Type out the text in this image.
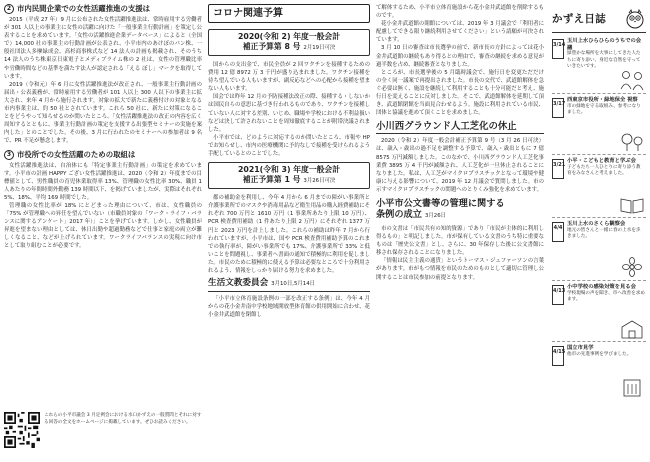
2 市内民間企業での女性活躍推進の支援は

2015（平成 27 年）9 月に公布された女性活躍推進法は、常時雇用する労働者が 301 人以上の事業主に女性の活躍に向けた「一般事業主行動計画」を策定し公表することを求めています。「女性の活躍推進企業データベース」によると（全国で）14,000 社の事業主の行動計画が公表され、小平市内のあけぼのパン株、一般社団法人多摩緑成会、高杉商事株式など 14 法人の計画も掲載され、そのうち 14 法人のうち株東京日東電子とメディブライム株の 2 社は、女性の管理職比率や労働時間などの基準を満たす法人が認定される「える ぼし」マークを取得しています。

2019（令和元）年 6 月に女性活躍推進法が改正され、一般事業主行動計画の届出・公表義務が、常時雇用する労働者が 101 人以上 300 人以下の事業主に拡大され、来年 4 月から施行されます。対象の拡大で新たに義務付けの対象となる市内事業主は、約 50 社とされています。これら 50 社に、新たに対策になることをどうやって知らせるのか問いたところ、「女性活躍推進法の改正の内容を広く周知するとともに、事業主行動計画の策定を支援する出張型セミナーの実施を案内した」とのことでした。その後、3 月に行われたのセミナーへの参加者は 9 名で、PR 不足が懸念します。

3 市役所での女性活躍のための取組は

女性活躍推進法は、自治体にも「特定事業主行動計画」の策定を求めています。小平市の計画 HAPPY ござい女性活躍推進は、2020（令和 2）年度までの目標値として、男性職員の育児休業取得率 13%、管理職の女性比率 30%、職員 1 人あたりの年間時間外勤務 139 時間以下、を掲げていましたが、実際はそれぞれ 5%、18%、平均 169 時間でした。

管理職の女性比率が 18% にとどまった理由について、市は、女性職員の「75% が管理職への昇任を望んでいない（市職員対象の「ワーク・ライフ・バランスに関するアンケート」2017 年）」ことを挙げています。しかし、女性職員が昇進を望まない理由としては、休日出勤や超過勤務などで仕事と家庭の両立が難しくなること、などが上げられています。ワークライフバランスの実現に向け市として取り組むことが必要です。

これらの小平市議会 3 月定例会における水口かずえの一般質問とそれに対する回答の全文をホームページに掲載しています。ぜひお読みください。
コロナ関連予算
2020(令和 2) 年度一般会計
補正予算第 8 号 2月19日可決

国からの支出金で、市民全員が 2 回ワクチンを接種するための費用 12 億 8972 万 3 千円が盛り込まれました。ワクチン接種を待ち望んでいる人もいますが、副反応などへの心配から接種を望まない人もいます。

国会では昨年 12 月の予防接種法改正の際、接種する・しないかは国民自らの意思に基づき行われるものであり、ワクチンを接種していない人に対する差別、いじめ、職場や学校における不利益扱いなどは決して許されないことを周知徹底することが附帯決議されました。

小平市では、どのように対応するのか問いたところ、市報や HP でお知らせし、市内の医療機関に予約なしで接種を受けられるよう手配しているとのことでした。

2021(令和 3) 年度一般会計
補正予算第 1 号 3月26日可決

都の補助金を利用し、今年 4 月から 6 月までの障がい事業所と介護事業所でのマスクや消毒用品など衛生用品の購入経費補助にそれぞれ 700 万円と 1610 万円（1 事業所あたり上限 10 万円）、PCR 検査費用補助（1 件あたり上限 2 万円）にそれぞれ 1377 万円と 2023 万円を計上しました。これらの補助は昨年 7 月から行われていますが、小平市は、国や PCR 検査費用補助予算のこれまでの執行率が、障がい事業所でも 17%、介護事業所で 33% と低いことを問題視し、事業者へ書面の通知で積極的に利用を促しました。市民のために積極的に使える予算は必要なところで十分利用されるよう、情報をしっかり届ける努力を求めました。

生活文教委員会 3月10日,5月14日

「小平市立体育施設条例の一部を改正する条例」は、今年 4 月からの花小金井南中学校地域開放型体育館の供用開始に合わせ、花小金井武道館を閉館し

て解体するため、小平市立体育施設から花小金井武道館を削除するものです。

花小金井武道館の閉館については、2019 年 3 月議会で「利用者に配慮してできる限り継続利用させてください」という請願が可決されています。

3 月 10 日の審査は市長選挙の前で、新市長の方針によっては花小金井武道館の継続もあり得るとの理由で、審査の継続を求める意見が過半数を占め、継続審査となりました。

ところが、市長選挙後の 5 月臨時議会で、施行日を変更ただだけの全く同一議案で再提出されました。市長の交代で、武道館解体を急ぐ必要は無く、施設を継続して利用することも十分可能だと考え、施行日を変えることに反対しました。そこで、武道館解体を延期して頂き、武道館閉館を当面見合わせるよう。施設に利用されている市民、団体と協議を進めて頂くことを求めました。

小川西グラウンド人工芝化の休止

2020（令和 2）年度一般会計補正予算第 9 号（3 月 26 日可決）は、歳入・歳出の過不足を調整する予算で、歳入・歳出ともに 7 億 8575 万円減額しました。このなかで、小川西グラウンド人工芝化事業費 3895 万 4 千円が減額され、人工芝化が一旦休止されることになりました。私は、人工芝がマイクロプラスチックとなって環境や健康に与える影響について、2019 年 12 月議会で質問しました。市の示すマイクロプラスチックの問題へのとりくみ強化を求めています。

小平市公文書等の管理に関する
条例の成立 3月26日

市の文書は「市民共有の知的資源」であり「市民が主体的に利用し得るもの」と明記しました。市が保有している文書のうち特に重要なものは「歴史公文書」とし、さらに、30 年保存した後に公文書館に移され保存されることになりました。

「情報は民主主義の通貨」というトーマス・ジェファーソンの言葉があります。市がもつ情報を市民のためのものとして適切に管理し公開することは市民参加の前提となります。

かずえ日誌
3/14
玉川上水ひらひらのうちでの会議
緑豊かな場所を大事にしてきた人たちに寄り添い、身近な自然を守っていきたいです。
3/17
西東京市役所・緑地保全 視察
市の緑地を守る取組み、参考になりました。
3/21
小平・こどもと教育と学ぶ会
子どもたち一人ひとりに寄り添う教育をみなさんと考えました。
4/4
玉川上水のさくら観察会
地元の皆さんと一緒に春の上水を歩きました。
4/13
小中学校の感染対策を見る会
学校現場の声を聞き、市へ改善を求めます。
4/15
国立市見学
他市の先進事例を学びました。
